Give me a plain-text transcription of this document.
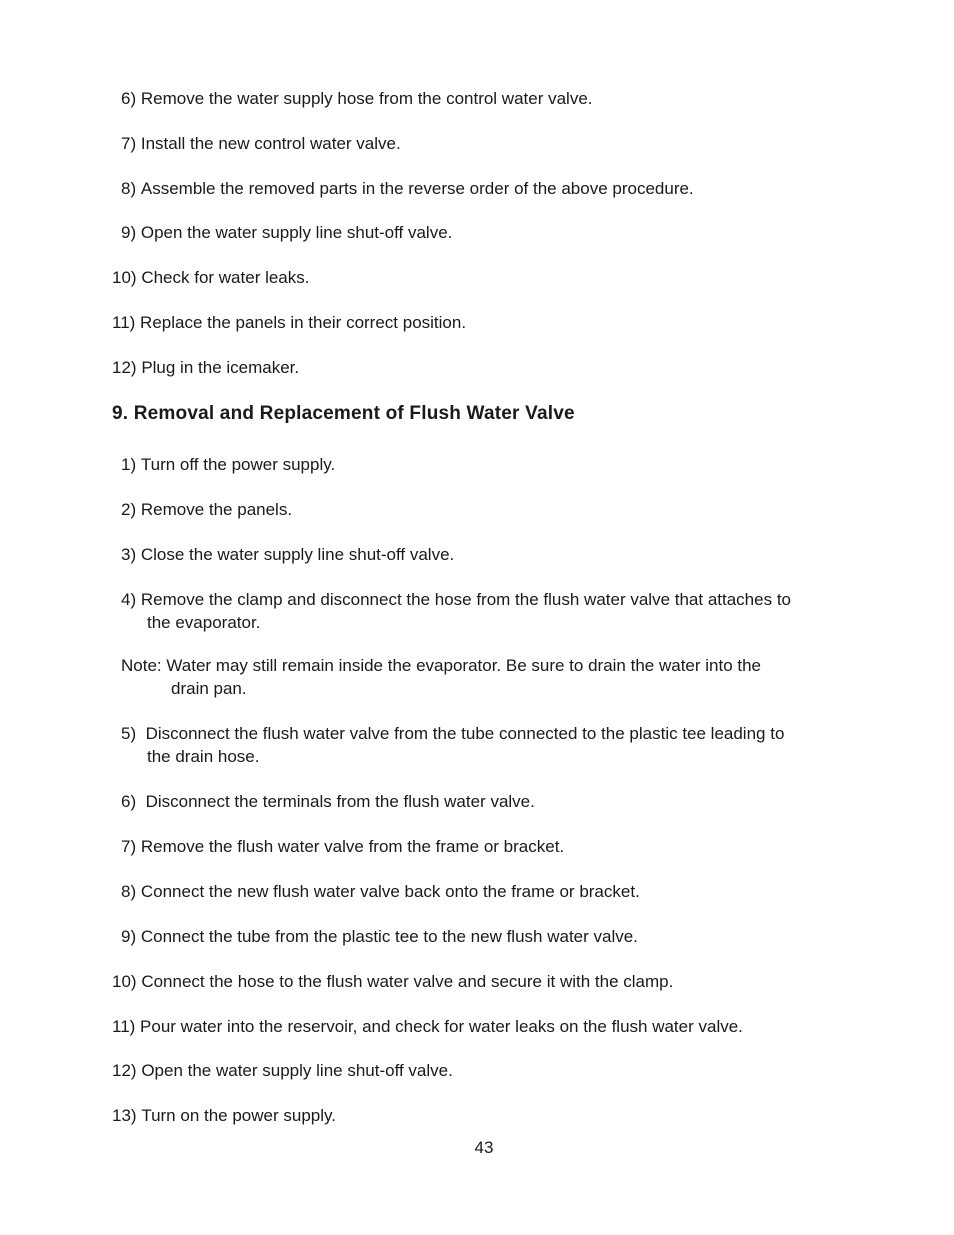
6)
Remove the water supply hose from the control water valve.
7)
Install the new control water valve.
8)
Assemble the removed parts in the reverse order of the above procedure.
9)
Open the water supply line shut-off valve.
10)
Check for water leaks.
11)
Replace the panels in their correct position.
12)
Plug in the icemaker.
9. Removal and Replacement of Flush Water Valve
1)
Turn off the power supply.
2)
Remove the panels.
3)
Close the water supply line shut-off valve.
4) Remove the clamp and disconnect the hose from the flush water valve that attaches to
the evaporator.
Note: Water may still remain inside the evaporator. Be sure to drain the water into the
drain pan.
5) Disconnect the flush water valve from the tube connected to the plastic tee leading to
the drain hose.
6)
Disconnect the terminals from the flush water valve.
7)
Remove the flush water valve from the frame or bracket.
8)
Connect the new flush water valve back onto the frame or bracket.
9)
Connect the tube from the plastic tee to the new flush water valve.
10)
Connect the hose to the flush water valve and secure it with the clamp.
11)
Pour water into the reservoir, and check for water leaks on the flush water valve.
12)
Open the water supply line shut-off valve.
13)
Turn on the power supply.
43
